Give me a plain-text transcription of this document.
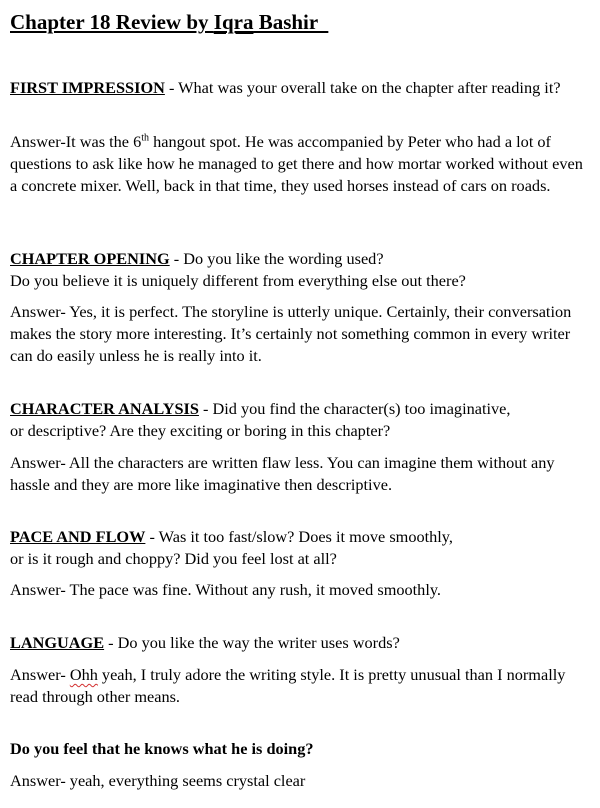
Chapter 18 Review by Iqra Bashir

FIRST IMPRESSION - What was your overall take on the chapter after reading it?

Answer-It was the 6th hangout spot. He was accompanied by Peter who had a lot of questions to ask like how he managed to get there and how mortar worked without even a concrete mixer. Well, back in that time, they used horses instead of cars on roads.

CHAPTER OPENING - Do you like the wording used?

Do you believe it is uniquely different from everything else out there?

Answer- Yes, it is perfect. The storyline is utterly unique. Certainly, their conversation makes the story more interesting. It’s certainly not something common in every writer can do easily unless he is really into it.

CHARACTER ANALYSIS - Did you find the character(s) too imaginative,

or descriptive? Are they exciting or boring in this chapter?

Answer- All the characters are written flaw less. You can imagine them without any hassle and they are more like imaginative then descriptive.

PACE AND FLOW - Was it too fast/slow? Does it move smoothly,

or is it rough and choppy? Did you feel lost at all?

Answer- The pace was fine. Without any rush, it moved smoothly.

LANGUAGE - Do you like the way the writer uses words?

Answer- Ohh yeah, I truly adore the writing style. It is pretty unusual than I normally read through other means.

Do you feel that he knows what he is doing?
Answer- yeah, everything seems crystal clear
